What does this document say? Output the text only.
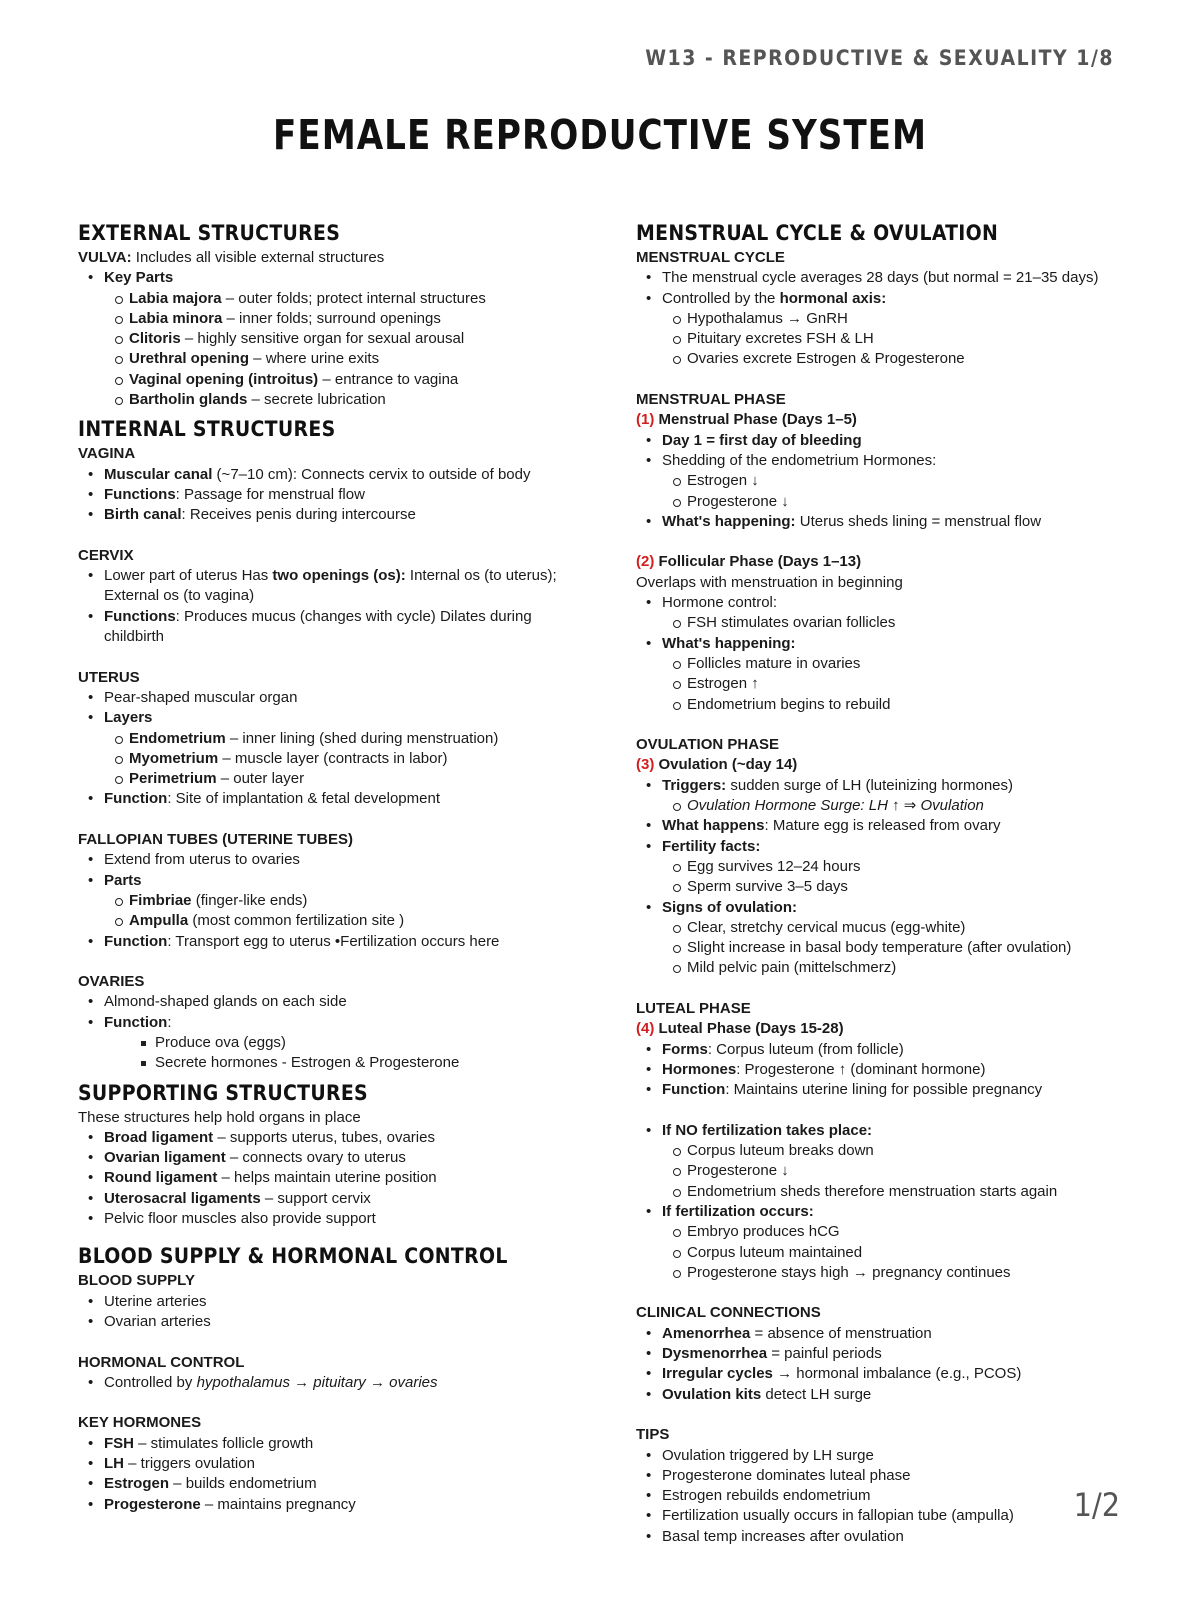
W13 - REPRODUCTIVE & SEXUALITY 1/8
FEMALE REPRODUCTIVE SYSTEM
EXTERNAL STRUCTURES
VULVA: Includes all visible external structures
• Key Parts
Labia majora – outer folds; protect internal structures
Labia minora – inner folds; surround openings
Clitoris – highly sensitive organ for sexual arousal
Urethral opening – where urine exits
Vaginal opening (introitus) – entrance to vagina
Bartholin glands – secrete lubrication
INTERNAL STRUCTURES
VAGINA
• Muscular canal (~7–10 cm): Connects cervix to outside of body
• Functions: Passage for menstrual flow
• Birth canal: Receives penis during intercourse
CERVIX
• Lower part of uterus Has two openings (os): Internal os (to uterus); External os (to vagina)
• Functions: Produces mucus (changes with cycle) Dilates during childbirth
UTERUS
• Pear-shaped muscular organ
• Layers
Endometrium – inner lining (shed during menstruation)
Myometrium – muscle layer (contracts in labor)
Perimetrium – outer layer
• Function: Site of implantation & fetal development
FALLOPIAN TUBES (UTERINE TUBES)
• Extend from uterus to ovaries
• Parts
Fimbriae (finger-like ends)
Ampulla (most common fertilization site )
• Function: Transport egg to uterus •Fertilization occurs here
OVARIES
• Almond-shaped glands on each side
• Function:
Produce ova (eggs)
Secrete hormones - Estrogen & Progesterone
SUPPORTING STRUCTURES
These structures help hold organs in place
• Broad ligament – supports uterus, tubes, ovaries
• Ovarian ligament – connects ovary to uterus
• Round ligament – helps maintain uterine position
• Uterosacral ligaments – support cervix
• Pelvic floor muscles also provide support
BLOOD SUPPLY & HORMONAL CONTROL
BLOOD SUPPLY
• Uterine arteries
• Ovarian arteries
HORMONAL CONTROL
• Controlled by hypothalamus → pituitary → ovaries
KEY HORMONES
• FSH – stimulates follicle growth
• LH – triggers ovulation
• Estrogen – builds endometrium
• Progesterone – maintains pregnancy
MENSTRUAL CYCLE & OVULATION
MENSTRUAL CYCLE
• The menstrual cycle averages 28 days (but normal = 21–35 days)
• Controlled by the hormonal axis:
Hypothalamus → GnRH
Pituitary excretes FSH & LH
Ovaries excrete Estrogen & Progesterone
MENSTRUAL PHASE
(1) Menstrual Phase (Days 1–5)
• Day 1 = first day of bleeding
• Shedding of the endometrium Hormones:
Estrogen ↓
Progesterone ↓
• What's happening: Uterus sheds lining = menstrual flow
(2) Follicular Phase (Days 1–13)
Overlaps with menstruation in beginning
• Hormone control:
FSH stimulates ovarian follicles
• What's happening:
Follicles mature in ovaries
Estrogen ↑
Endometrium begins to rebuild
OVULATION PHASE
(3) Ovulation (~day 14)
• Triggers: sudden surge of LH (luteinizing hormones)
Ovulation Hormone Surge: LH ↑ ⇒ Ovulation
• What happens: Mature egg is released from ovary
• Fertility facts:
Egg survives 12–24 hours
Sperm survive 3–5 days
• Signs of ovulation:
Clear, stretchy cervical mucus (egg-white)
Slight increase in basal body temperature (after ovulation)
Mild pelvic pain (mittelschmerz)
LUTEAL PHASE
(4) Luteal Phase (Days 15-28)
• Forms: Corpus luteum (from follicle)
• Hormones: Progesterone ↑ (dominant hormone)
• Function: Maintains uterine lining for possible pregnancy
• If NO fertilization takes place:
Corpus luteum breaks down
Progesterone ↓
Endometrium sheds therefore menstruation starts again
• If fertilization occurs:
Embryo produces hCG
Corpus luteum maintained
Progesterone stays high → pregnancy continues
CLINICAL CONNECTIONS
• Amenorrhea = absence of menstruation
• Dysmenorrhea = painful periods
• Irregular cycles → hormonal imbalance (e.g., PCOS)
• Ovulation kits detect LH surge
TIPS
• Ovulation triggered by LH surge
• Progesterone dominates luteal phase
• Estrogen rebuilds endometrium
• Fertilization usually occurs in fallopian tube (ampulla)
• Basal temp increases after ovulation
1/2
